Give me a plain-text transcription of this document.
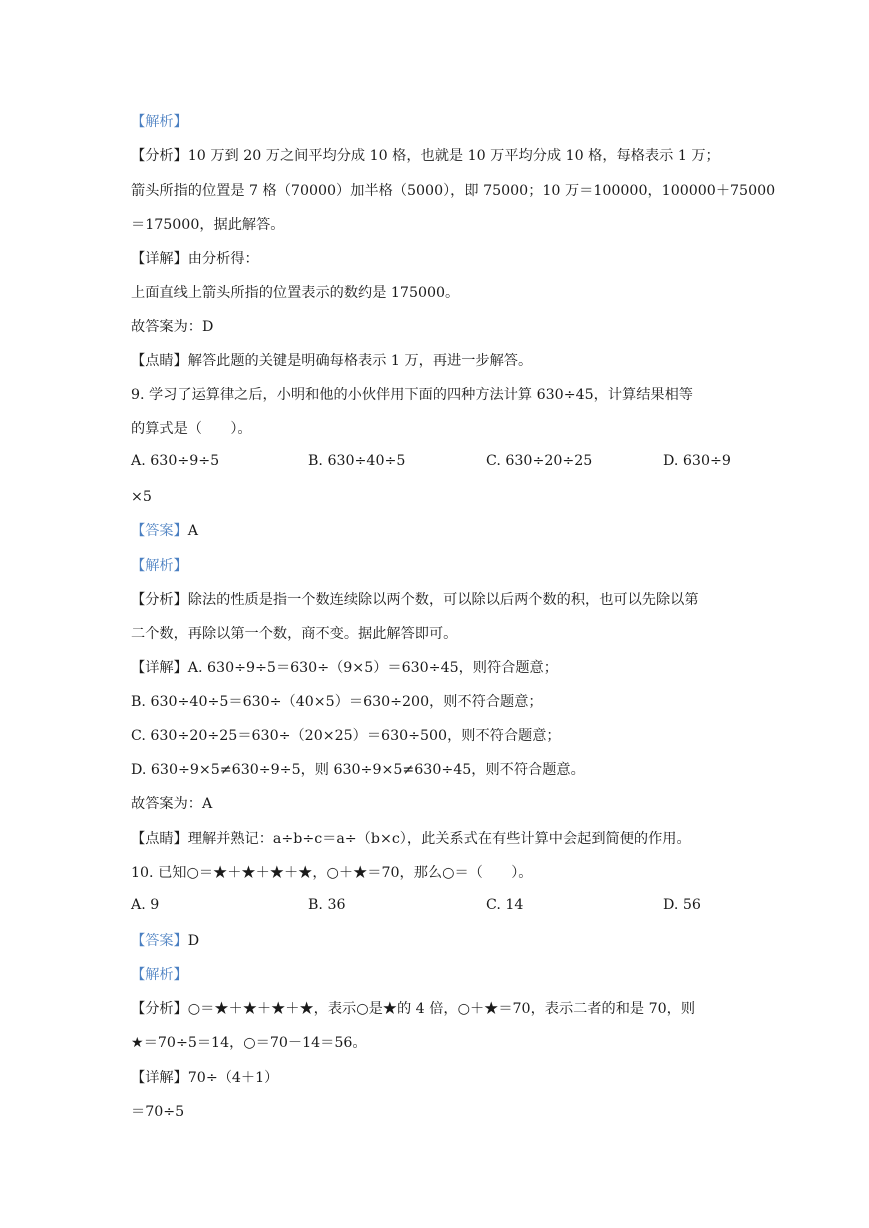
【解析】
【分析】10 万到 20 万之间平均分成 10 格，也就是 10 万平均分成 10 格，每格表示 1 万；
箭头所指的位置是 7 格（70000）加半格（5000），即 75000；10 万＝100000，100000＋75000
＝175000，据此解答。
【详解】由分析得：
上面直线上箭头所指的位置表示的数约是 175000。
故答案为：D
【点睛】解答此题的关键是明确每格表示 1 万，再进一步解答。
9. 学习了运算律之后，小明和他的小伙伴用下面的四种方法计算 630÷45，计算结果相等
的算式是（　　）。
A. 630÷9÷5	B. 630÷40÷5	C. 630÷20÷25	D. 630÷9
×5
【答案】A
【解析】
【分析】除法的性质是指一个数连续除以两个数，可以除以后两个数的积，也可以先除以第
二个数，再除以第一个数，商不变。据此解答即可。
【详解】A. 630÷9÷5＝630÷（9×5）＝630÷45，则符合题意；
B. 630÷40÷5＝630÷（40×5）＝630÷200，则不符合题意；
C. 630÷20÷25＝630÷（20×25）＝630÷500，则不符合题意；
D. 630÷9×5≠630÷9÷5，则 630÷9×5≠630÷45，则不符合题意。
故答案为：A
【点睛】理解并熟记：a÷b÷c＝a÷（b×c），此关系式在有些计算中会起到简便的作用。
10. 已知○＝★＋★＋★＋★，○＋★＝70，那么○＝（　　）。
A. 9	B. 36	C. 14	D. 56
【答案】D
【解析】
【分析】○＝★＋★＋★＋★，表示○是★的 4 倍，○＋★＝70，表示二者的和是 70，则
★＝70÷5＝14，○＝70－14＝56。
【详解】70÷（4＋1）
＝70÷5
